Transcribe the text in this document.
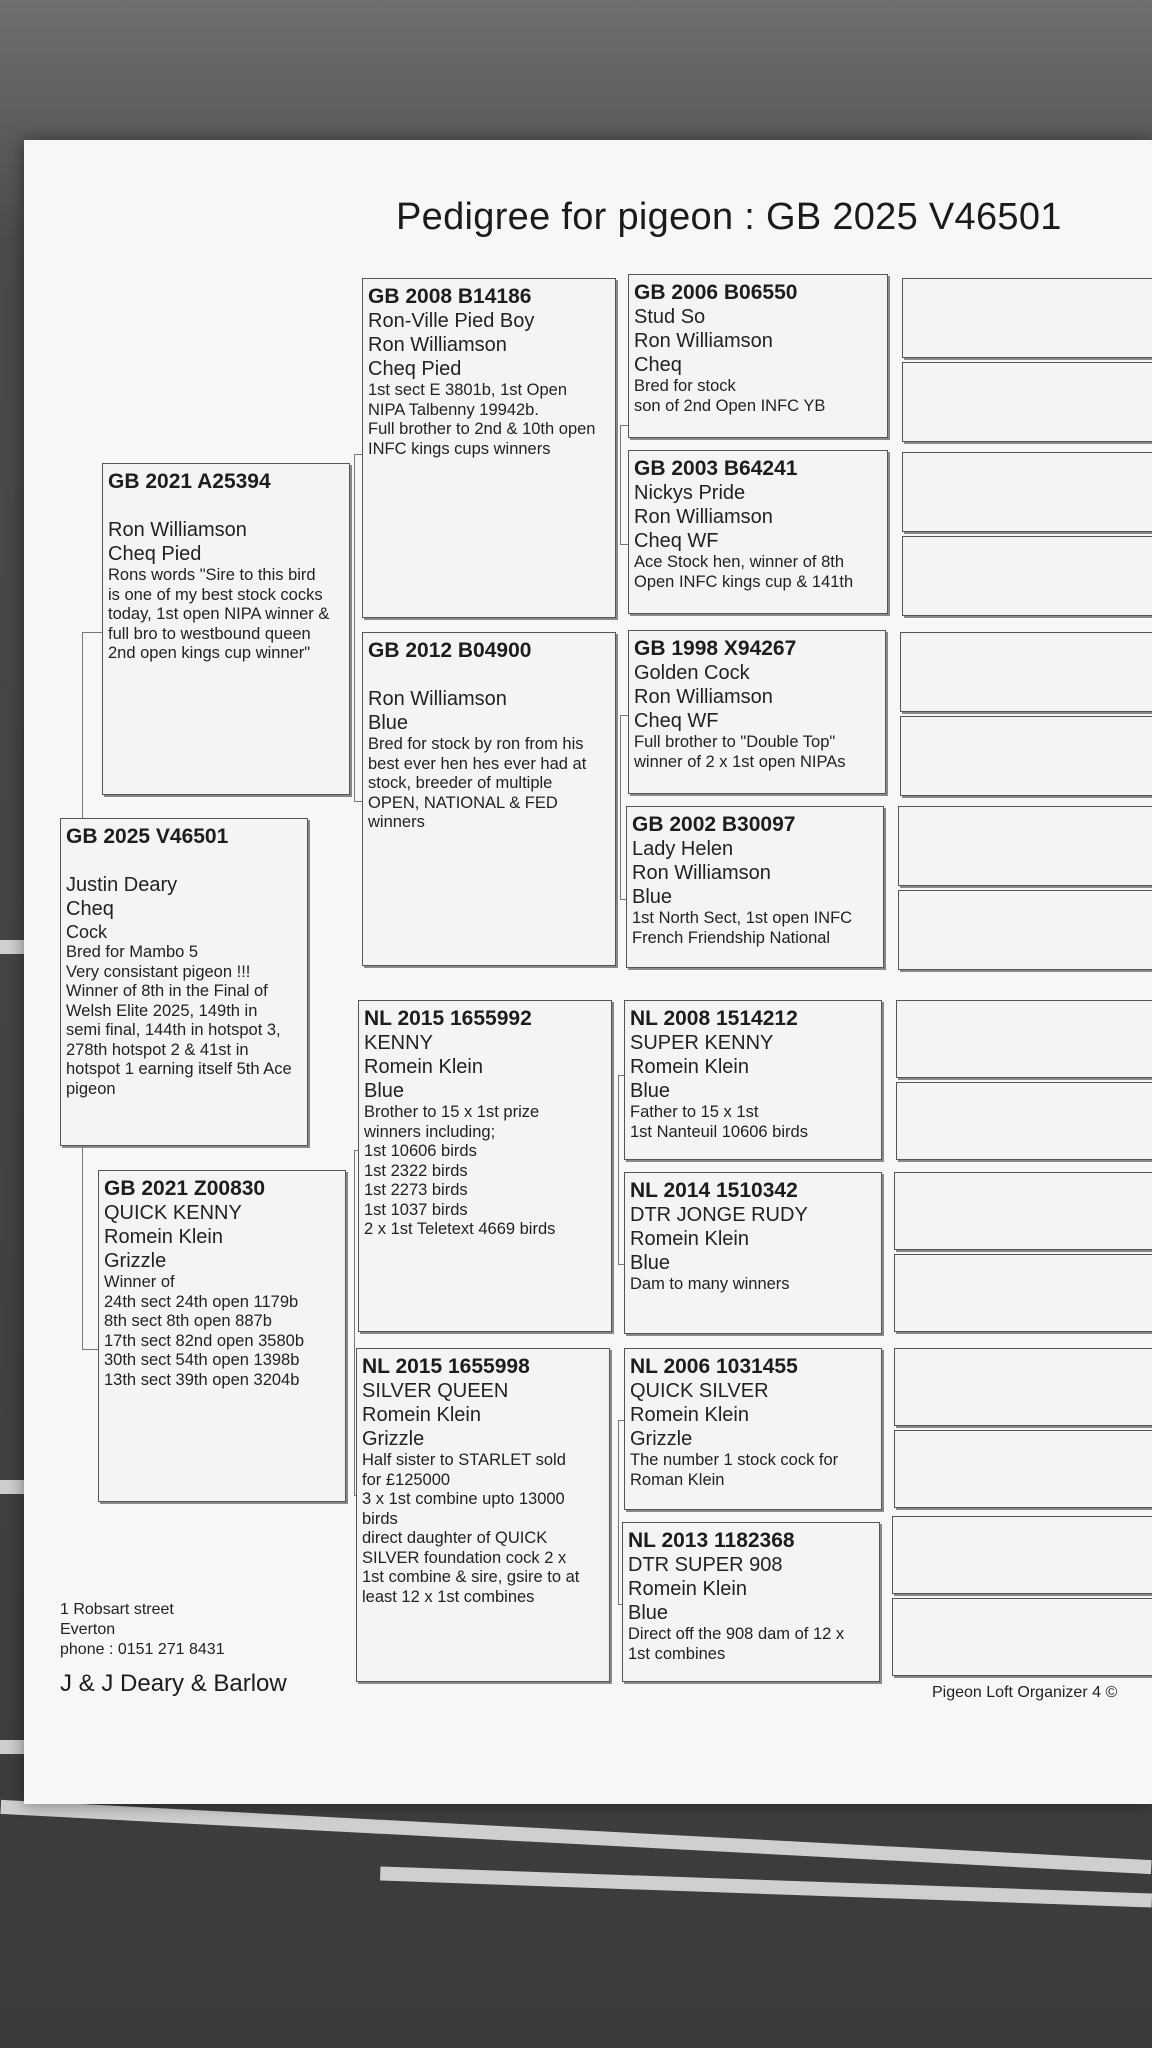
Pedigree for pigeon : GB 2025 V46501
GB 2025 V46501
Justin Deary
Cheq
Cock
Bred for Mambo 5
Very consistant pigeon !!!
Winner of 8th in the Final of
Welsh Elite 2025, 149th in
semi final, 144th in hotspot 3,
278th hotspot 2 & 41st in
hotspot 1 earning itself 5th Ace
pigeon
GB 2021 A25394
Ron Williamson
Cheq Pied
Rons words "Sire to this bird
is one of my best stock cocks
today, 1st open NIPA winner &
full bro to westbound queen
2nd open kings cup winner"
GB 2021 Z00830
QUICK KENNY
Romein Klein
Grizzle
Winner of
24th sect 24th open 1179b
8th sect 8th open 887b
17th sect 82nd open 3580b
30th sect 54th open 1398b
13th sect 39th open 3204b
GB 2008 B14186
Ron-Ville Pied Boy
Ron Williamson
Cheq Pied
1st sect E 3801b, 1st Open
NIPA Talbenny 19942b.
Full brother to 2nd & 10th open
INFC kings cups winners
GB 2012 B04900
Ron Williamson
Blue
Bred for stock by ron from his
best ever hen hes ever had at
stock, breeder of multiple
OPEN, NATIONAL & FED
winners
NL 2015 1655992
KENNY
Romein Klein
Blue
Brother to 15 x 1st prize
winners including;
1st 10606 birds
1st 2322 birds
1st 2273 birds
1st 1037 birds
2 x 1st Teletext 4669 birds
NL 2015 1655998
SILVER QUEEN
Romein Klein
Grizzle
Half sister to STARLET sold
for £125000
3 x 1st combine upto 13000
birds
direct daughter of QUICK
SILVER foundation cock 2 x
1st combine & sire, gsire to at
least 12 x 1st combines
GB 2006 B06550
Stud So
Ron Williamson
Cheq
Bred for stock
son of 2nd Open INFC YB
GB 2003 B64241
Nickys Pride
Ron Williamson
Cheq WF
Ace Stock hen, winner of 8th
Open INFC kings cup & 141th
GB 1998 X94267
Golden Cock
Ron Williamson
Cheq WF
Full brother to "Double Top"
winner of 2 x 1st open NIPAs
GB 2002 B30097
Lady Helen
Ron Williamson
Blue
1st North Sect, 1st open INFC
French Friendship National
NL 2008 1514212
SUPER KENNY
Romein Klein
Blue
Father to 15 x 1st
1st Nanteuil 10606 birds
NL 2014 1510342
DTR JONGE RUDY
Romein Klein
Blue
Dam to many winners
NL 2006 1031455
QUICK SILVER
Romein Klein
Grizzle
The number 1 stock cock for
Roman Klein
NL 2013 1182368
DTR SUPER 908
Romein Klein
Blue
Direct off the 908 dam of 12 x
1st combines
1 Robsart street
Everton
phone : 0151 271 8431
J & J Deary & Barlow	Pigeon Loft Organizer 4 ©
